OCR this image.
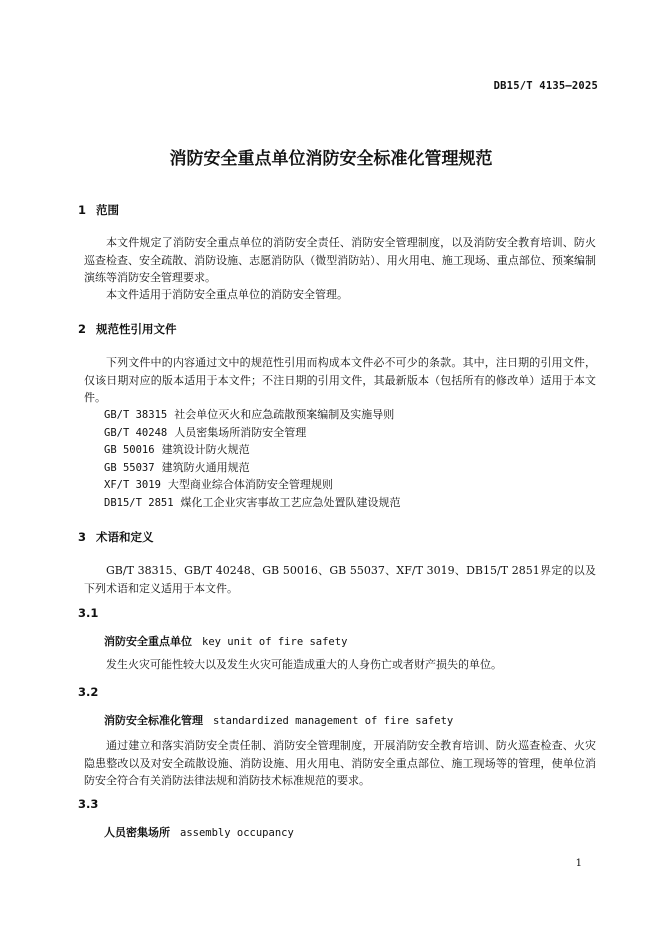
DB15/T 4135—2025
消防安全重点单位消防安全标准化管理规范
1 范围
本文件规定了消防安全重点单位的消防安全责任、消防安全管理制度，以及消防安全教育培训、防火巡查检查、安全疏散、消防设施、志愿消防队（微型消防站）、用火用电、施工现场、重点部位、预案编制演练等消防安全管理要求。
本文件适用于消防安全重点单位的消防安全管理。
2 规范性引用文件
下列文件中的内容通过文中的规范性引用而构成本文件必不可少的条款。其中，注日期的引用文件，仅该日期对应的版本适用于本文件；不注日期的引用文件，其最新版本（包括所有的修改单）适用于本文件。
GB/T 38315 社会单位灭火和应急疏散预案编制及实施导则
GB/T 40248 人员密集场所消防安全管理
GB 50016 建筑设计防火规范
GB 55037 建筑防火通用规范
XF/T 3019 大型商业综合体消防安全管理规则
DB15/T 2851 煤化工企业灾害事故工艺应急处置队建设规范
3 术语和定义
GB/T 38315、GB/T 40248、GB 50016、GB 55037、XF/T 3019、DB15/T 2851界定的以及下列术语和定义适用于本文件。
3.1
消防安全重点单位 key unit of fire safety
发生火灾可能性较大以及发生火灾可能造成重大的人身伤亡或者财产损失的单位。
3.2
消防安全标准化管理 standardized management of fire safety
通过建立和落实消防安全责任制、消防安全管理制度，开展消防安全教育培训、防火巡查检查、火灾隐患整改以及对安全疏散设施、消防设施、用火用电、消防安全重点部位、施工现场等的管理，使单位消防安全符合有关消防法律法规和消防技术标准规范的要求。
3.3
人员密集场所 assembly occupancy
1
